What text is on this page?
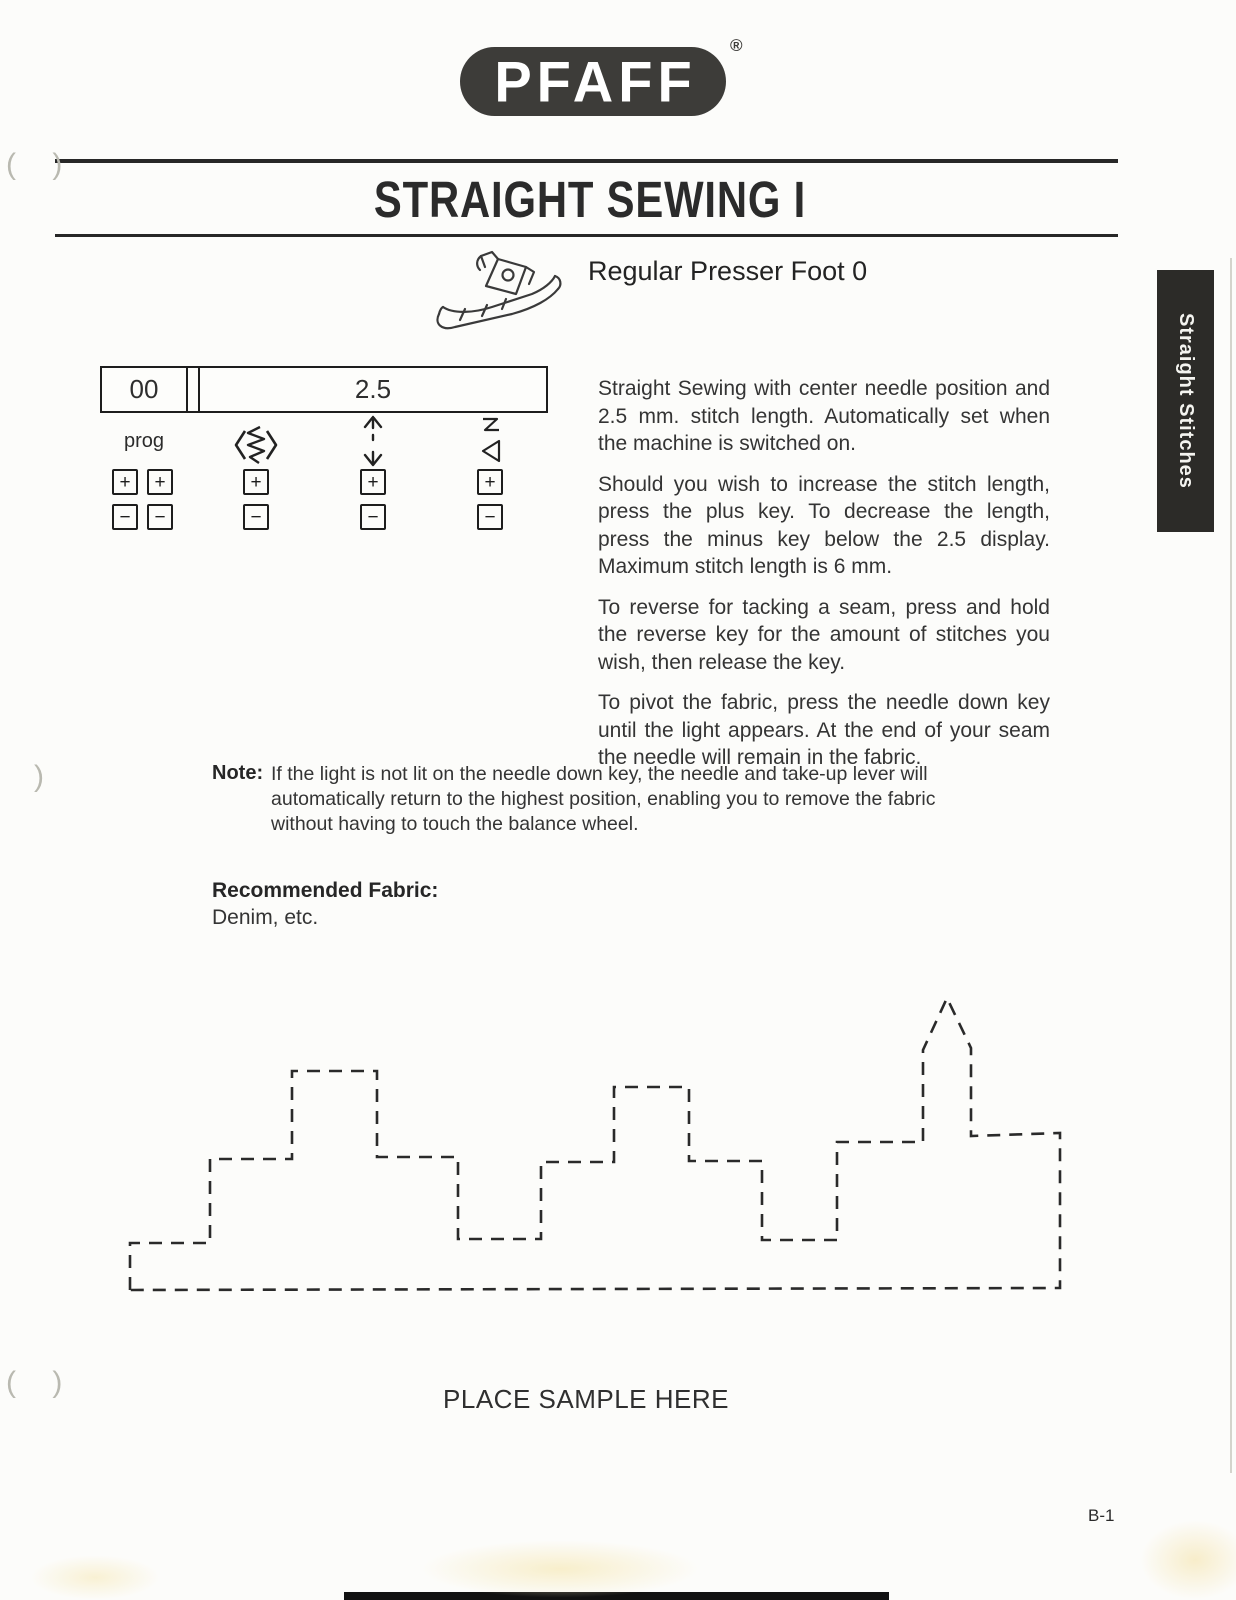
PFAFF
®
STRAIGHT SEWING I
Regular Presser Foot 0
Straight Stitches
00	2.5
prog
+	+
−	−
+
−
+
−
+
−

Straight Sewing with center needle position and 2.5 mm. stitch length. Automatically set when the machine is switched on.

Should you wish to increase the stitch length, press the plus key. To decrease the length, press the minus key below the 2.5 display. Maximum stitch length is 6 mm.

To reverse for tacking a seam, press and hold the reverse key for the amount of stitches you wish, then release the key.

To pivot the fabric, press the needle down key until the light appears. At the end of your seam the needle will remain in the fabric.

Note: If the light is not lit on the needle down key, the needle and take-up lever will automatically return to the highest position, enabling you to remove the fabric without having to touch the balance wheel.
Recommended Fabric:
Denim, etc.
PLACE SAMPLE HERE
B-1
( )
)
( )
